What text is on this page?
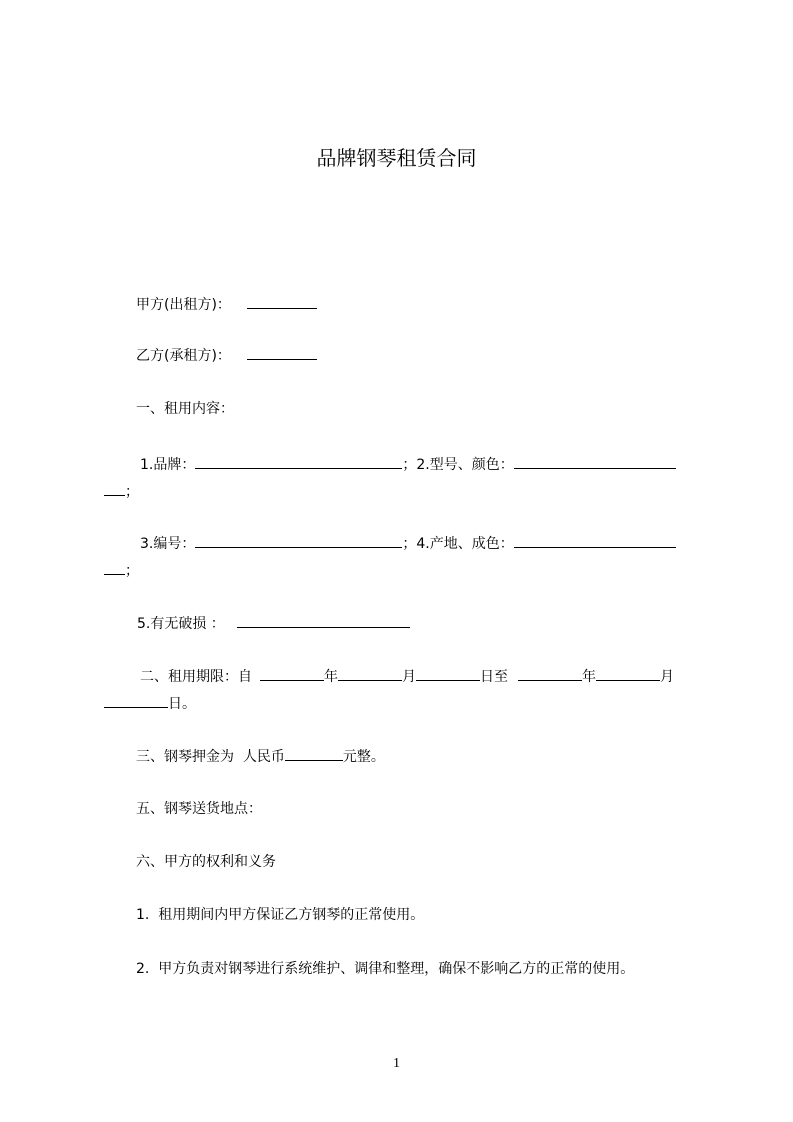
品牌钢琴租赁合同
甲方(出租方)：
乙方(承租方)：
一、租用内容：
1.品牌：	；2.型号、颜色：
；
3.编号：	；4.产地、成色：
；
5.有无破损 ：
二、租用期限：自	年	月	日至	年	月
日。
三、钢琴押金为  人民币	元整。
五、钢琴送货地点：
六、甲方的权利和义务
1.  租用期间内甲方保证乙方钢琴的正常使用。
2.  甲方负责对钢琴进行系统维护、调律和整理，确保不影响乙方的正常的使用。
1
